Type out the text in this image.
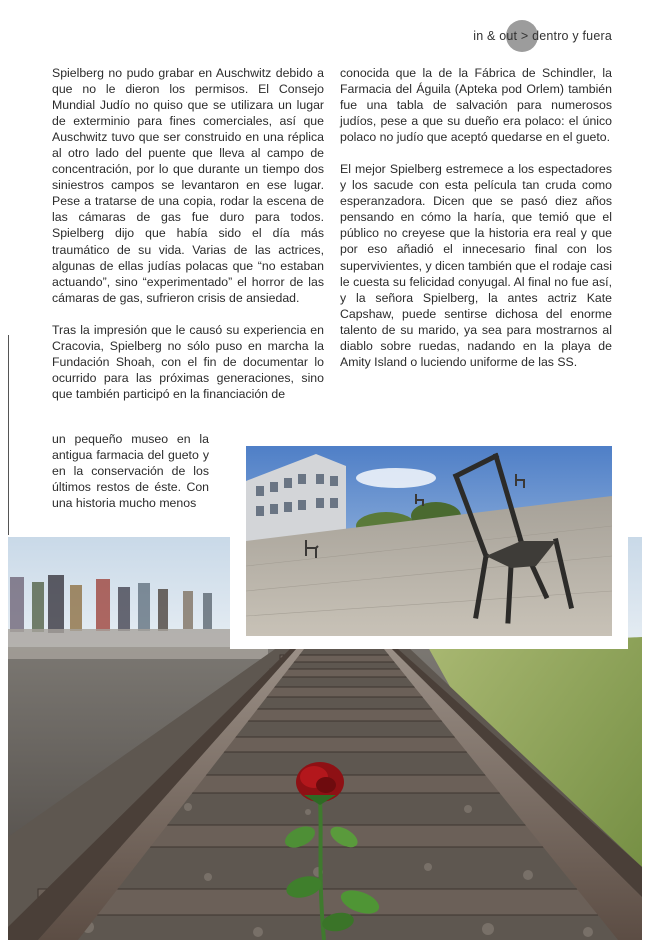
in & out > dentro y fuera

Spielberg no pudo grabar en Auschwitz debido a que no le dieron los permisos. El Consejo Mundial Judío no quiso que se utilizara un lugar de exterminio para fines comerciales, así que Auschwitz tuvo que ser construido en una réplica al otro lado del puente que lleva al campo de concentración, por lo que durante un tiempo dos siniestros campos se levantaron en ese lugar. Pese a tratarse de una copia, rodar la escena de las cámaras de gas fue duro para todos. Spielberg dijo que había sido el día más traumático de su vida. Varias de las actrices, algunas de ellas judías polacas que “no estaban actuando”, sino “experimentado” el horror de las cámaras de gas, sufrieron crisis de ansiedad.

Tras la impresión que le causó su experiencia en Cracovia, Spielberg no sólo puso en marcha la Fundación Shoah, con el fin de documentar lo ocurrido para las próximas generaciones, sino que también participó en la financiación de

un pequeño museo en la antigua farmacia del gueto y en la conservación de los últimos restos de éste. Con una historia mucho menos

conocida que la de la Fábrica de Schindler, la Farmacia del Águila (Apteka pod Orlem) también fue una tabla de salvación para numerosos judíos, pese a que su dueño era polaco: el único polaco no judío que aceptó quedarse en el gueto.

El mejor Spielberg estremece a los espectadores y los sacude con esta película tan cruda como esperanzadora. Dicen que se pasó diez años pensando en cómo la haría, que temió que el público no creyese que la historia era real y que por eso añadió el innecesario final con los supervivientes, y dicen también que el rodaje casi le cuesta su felicidad conyugal. Al final no fue así, y la señora Spielberg, la antes actriz Kate Capshaw, puede sentirse dichosa del enorme talento de su marido, ya sea para mostrarnos al diablo sobre ruedas, nadando en la playa de Amity Island o luciendo uniforme de las SS.
